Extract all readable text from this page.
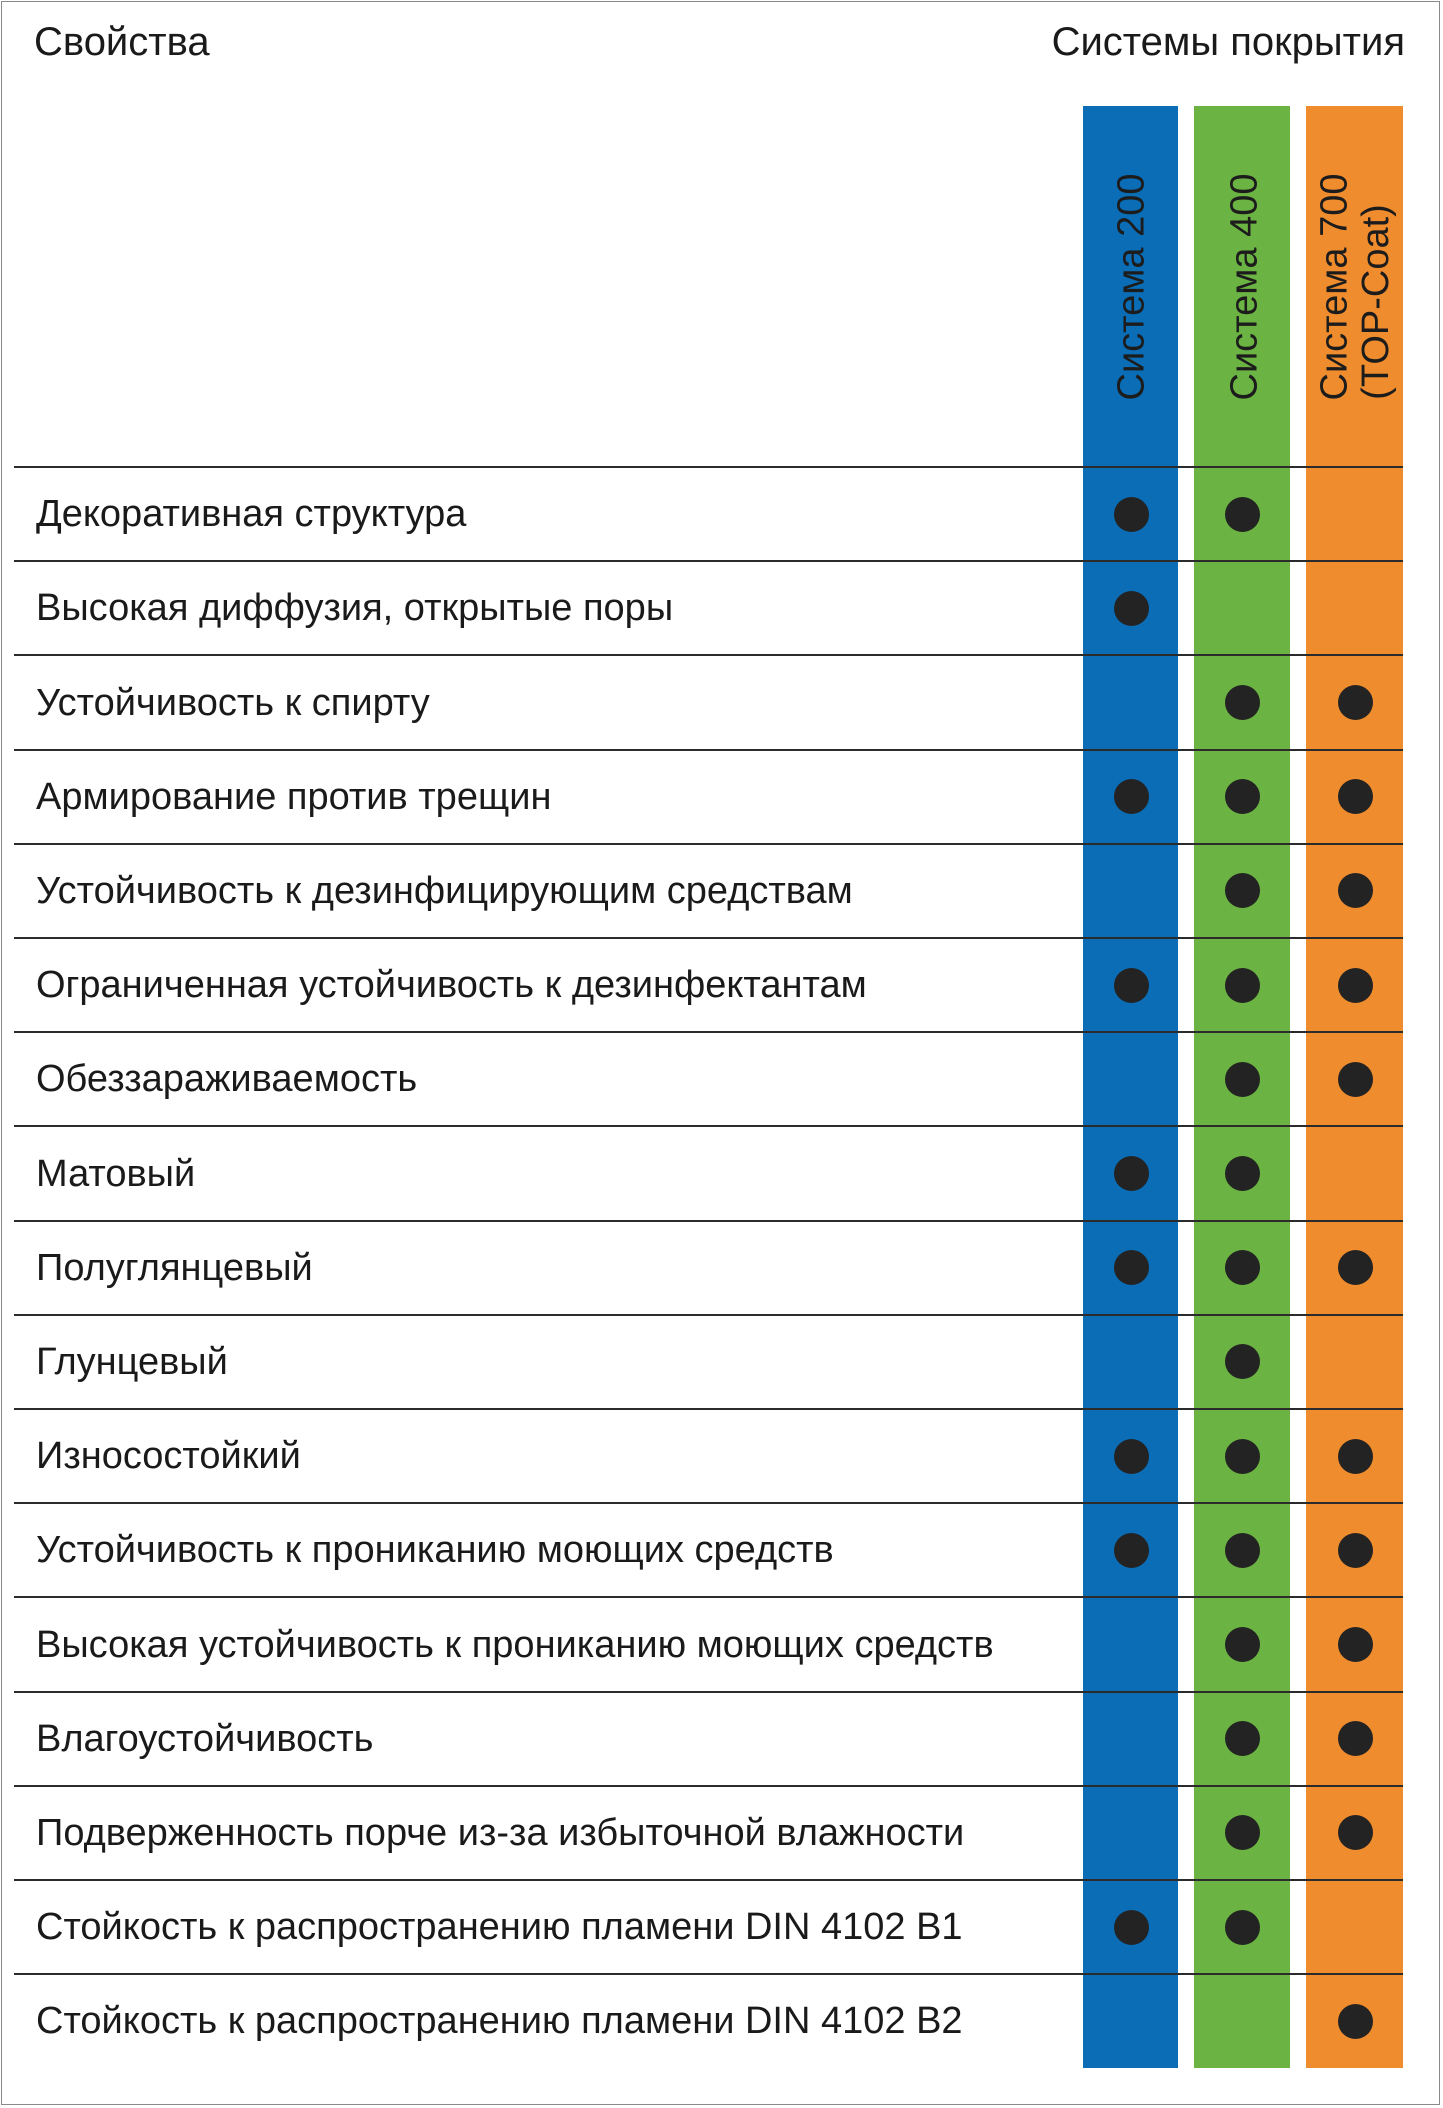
Свойства	Системы покрытия
Система 200 Система 400 Система 700 (TOP-Coat)
Декоративная структура
Высокая диффузия, открытые поры
Устойчивость к спирту
Армирование против трещин
Устойчивость к дезинфицирующим средствам
Ограниченная устойчивость к дезинфектантам
Обеззараживаемость
Матовый
Полуглянцевый
Глунцевый
Износостойкий
Устойчивость к прониканию моющих средств
Высокая устойчивость к прониканию моющих средств
Влагоустойчивость
Подверженность порче из-за избыточной влажности
Стойкость к распространению пламени DIN 4102 B1
Стойкость к распространению пламени DIN 4102 B2
